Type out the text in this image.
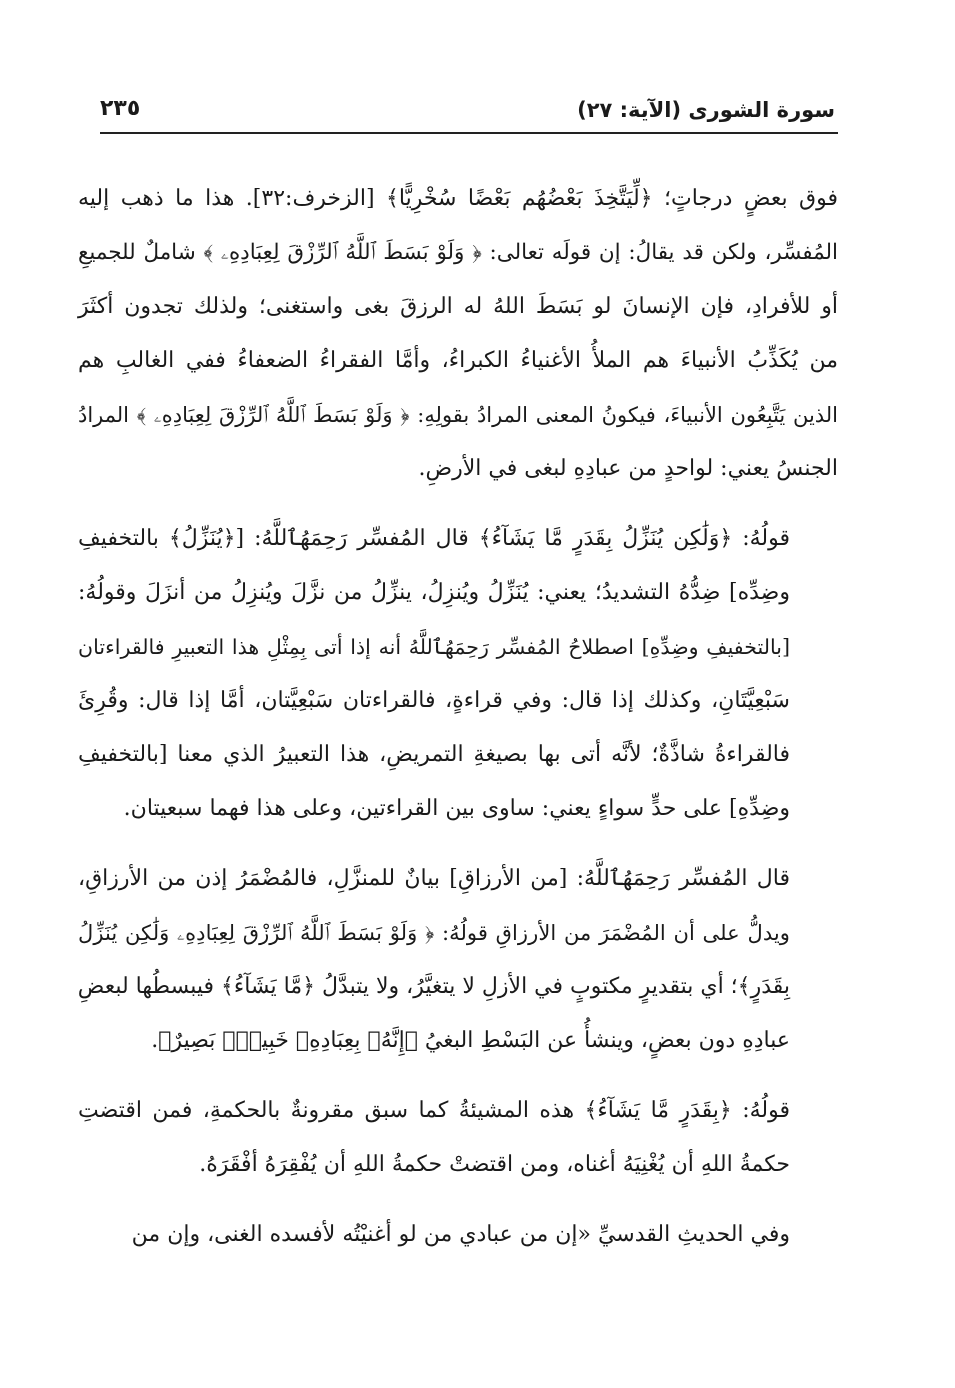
سورة الشورى (الآية: ٢٧)
٢٣٥
فوق بعضٍ درجاتٍ؛ ﴿لِّيَتَّخِذَ بَعْضُهُم بَعْضًا سُخْرِيًّا﴾ [الزخرف:٣٢]. هذا ما ذهب إليه
المُفسِّر، ولكن قد يقالُ: إن قولَه تعالى: ﴿ وَلَوْ بَسَطَ ٱللَّهُ ٱلرِّزْقَ لِعِبَادِهِۦ ﴾ شاملٌ للجميعِ
أو للأفرادِ، فإن الإنسانَ لو بَسَطَ اللهُ له الرزقَ بغى واستغنى؛ ولذلك تجدون أكثَرَ
من يُكَذِّبُ الأنبياءَ هم الملأُ الأغنياءُ الكبراءُ، وأمَّا الفقراءُ الضعفاءُ ففي الغالبِ هم
الذين يَتَّبِعُون الأنبياءَ، فيكونُ المعنى المرادُ بقولِهِ: ﴿ وَلَوْ بَسَطَ ٱللَّهُ ٱلرِّزْقَ لِعِبَادِهِۦ ﴾ المرادُ
الجنسُ يعني: لواحدٍ من عبادِهِ لبغى في الأرضِ.
قولُهُ: ﴿وَلَٰكِن يُنَزِّلُ بِقَدَرٍ مَّا يَشَآءُ﴾ قال المُفسِّر رَحِمَهُٱللَّهُ: [﴿يُنَزِّلُ﴾ بالتخفيفِ
وضِدِّه] ضِدُّهُ التشديدُ؛ يعني: يُنَزِّلُ ويُنزِلُ، ينزِّلُ من نزَّلَ ويُنزِلُ من أنزَلَ وقولُهُ:
[بالتخفيفِ وضِدِّهِ] اصطلاحُ المُفسِّر رَحِمَهُٱللَّهُ أنه إذا أتى بِمِثْلِ هذا التعبيرِ فالقراءتان
سَبْعِيَّتَانِ، وكذلك إذا قال: وفي قراءةٍ، فالقراءتان سَبْعِيَّتان، أمَّا إذا قال: وقُرِئَ
فالقراءةُ شاذَّةٌ؛ لأنَّه أتى بها بصيغةِ التمريضِ، هذا التعبيرُ الذي معنا [بالتخفيفِ
وضِدِّهِ] على حدٍّ سواءٍ يعني: ساوى بين القراءتين، وعلى هذا فهما سبعيتان.
قال المُفسِّر رَحِمَهُٱللَّهُ: [من الأرزاقِ] بيانٌ للمنزَّلِ، فالمُضْمَرُ إذن من الأرزاقِ،
ويدلُّ على أن المُضْمَرَ من الأرزاقِ قولُهُ: ﴿ وَلَوْ بَسَطَ ٱللَّهُ ٱلرِّزْقَ لِعِبَادِهِۦ وَلَٰكِن يُنَزِّلُ
بِقَدَرٍ﴾؛ أي بتقديرٍ مكتوبٍ في الأزلِ لا يتغيَّرُ، ولا يتبدَّلُ ﴿مَّا يَشَآءُ﴾ فيبسطُها لبعضِ
عبادِهِ دون بعضٍ، وينشأُ عن البَسْطِ البغيُ ﴿إِنَّهُۥ بِعِبَادِهِۦ خَبِيرٌۢ بَصِيرٌ﴾.
قولُهُ: ﴿بِقَدَرٍ مَّا يَشَآءُ﴾ هذه المشيئةُ كما سبق مقرونةٌ بالحكمةِ، فمن اقتضتِ
حكمةُ اللهِ أن يُغْنِيَهُ أغناه، ومن اقتضتْ حكمةُ اللهِ أن يُفْقِرَهُ أفْقَرَهُ.
وفي الحديثِ القدسيِّ «إن من عبادي من لو أغنيْتُه لأفسده الغنى، وإن من
